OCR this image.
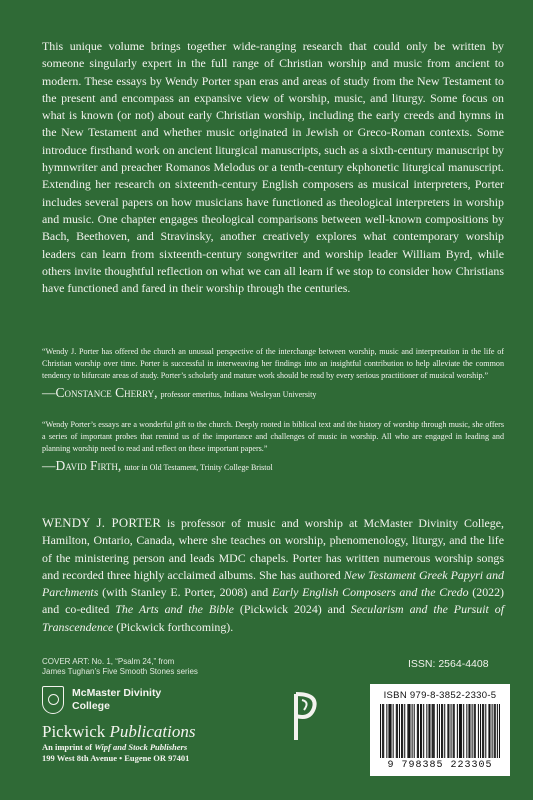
This unique volume brings together wide-ranging research that could only be written by someone singularly expert in the full range of Christian worship and music from ancient to modern. These essays by Wendy Porter span eras and areas of study from the New Testament to the present and encompass an expansive view of worship, music, and liturgy. Some focus on what is known (or not) about early Christian worship, including the early creeds and hymns in the New Testament and whether music originated in Jewish or Greco-Roman contexts. Some introduce firsthand work on ancient liturgical manuscripts, such as a sixth-century manuscript by hymnwriter and preacher Romanos Melodus or a tenth-century ekphonetic liturgical manuscript. Extending her research on sixteenth-century English composers as musical interpreters, Porter includes several papers on how musicians have functioned as theological interpreters in worship and music. One chapter engages theological comparisons between well-known compositions by Bach, Beethoven, and Stravinsky, another creatively explores what contemporary worship leaders can learn from sixteenth-century songwriter and worship leader William Byrd, while others invite thoughtful reflection on what we can all learn if we stop to consider how Christians have functioned and fared in their worship through the centuries.

“Wendy J. Porter has offered the church an unusual perspective of the interchange between worship, music and interpretation in the life of Christian worship over time. Porter is successful in interweaving her findings into an insightful contribution to help alleviate the common tendency to bifurcate areas of study. Porter’s scholarly and mature work should be read by every serious practitioner of musical worship.”
—Constance Cherry, professor emeritus, Indiana Wesleyan University
“Wendy Porter’s essays are a wonderful gift to the church. Deeply rooted in biblical text and the history of worship through music, she offers a series of important probes that remind us of the importance and challenges of music in worship. All who are engaged in leading and planning worship need to read and reflect on these important papers.”
—David Firth, tutor in Old Testament, Trinity College Bristol

WENDY J. PORTER is professor of music and worship at McMaster Divinity College, Hamilton, Ontario, Canada, where she teaches on worship, phenomenology, liturgy, and the life of the ministering person and leads MDC chapels. Porter has written numerous worship songs and recorded three highly acclaimed albums. She has authored New Testament Greek Papyri and Parchments (with Stanley E. Porter, 2008) and Early English Composers and the Credo (2022) and co-edited The Arts and the Bible (Pickwick 2024) and Secularism and the Pursuit of Transcendence (Pickwick forthcoming).

COVER ART: No. 1, “Psalm 24,” from
James Tughan’s Five Smooth Stones series
ISSN: 2564-4408
McMaster Divinity
College
Pickwick Publications
An imprint of Wipf and Stock Publishers
199 West 8th Avenue • Eugene OR 97401
ISBN 979-8-3852-2330-5
9 798385 223305
